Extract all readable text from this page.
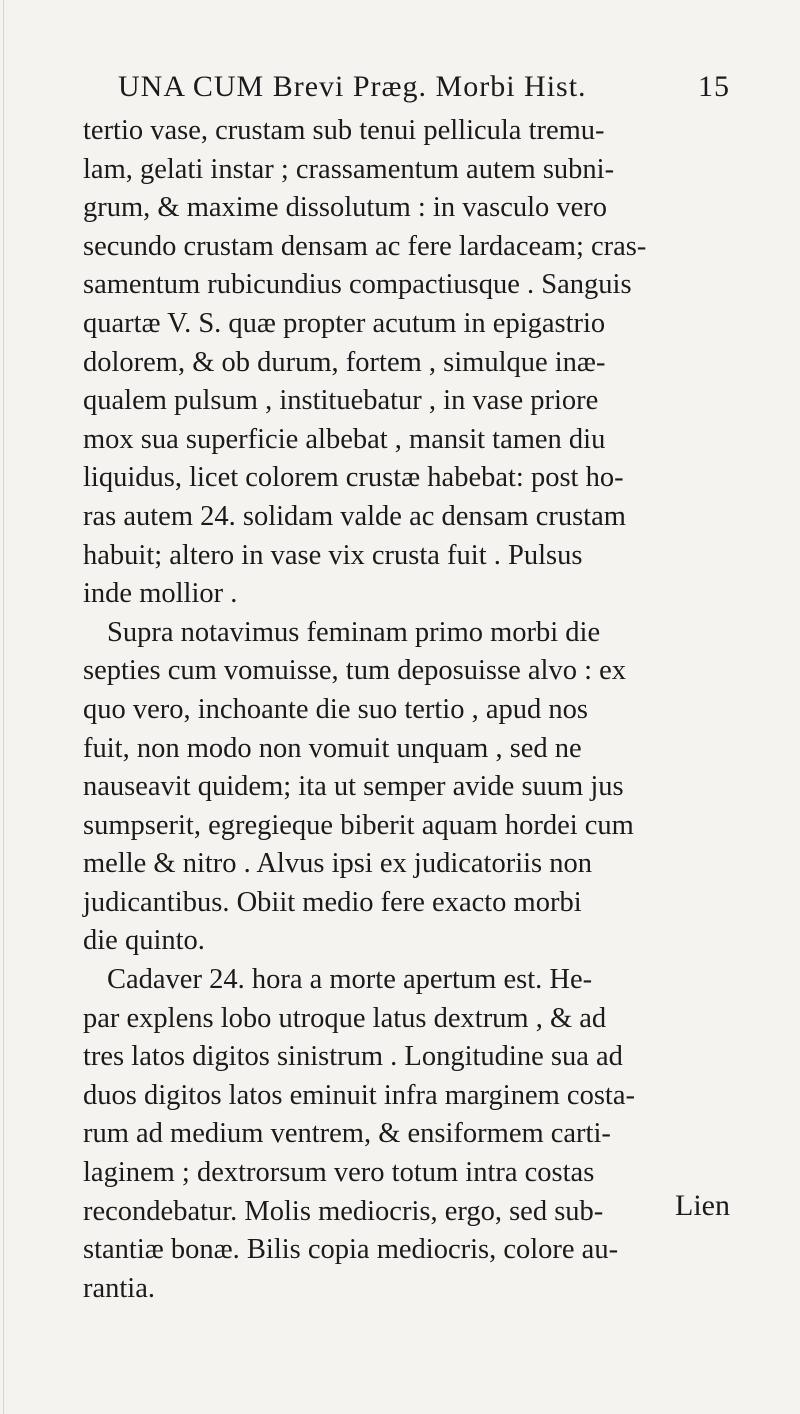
UNA CUM Brevi Præg. Morbi Hist.	15
tertio vase, crustam sub tenui pellicula tremu-
lam, gelati instar ; crassamentum autem subni-
grum, & maxime dissolutum : in vasculo vero
secundo crustam densam ac fere lardaceam; cras-
samentum rubicundius compactiusque . Sanguis
quartæ V. S. quæ propter acutum in epigastrio
dolorem, & ob durum, fortem , simulque inæ-
qualem pulsum , instituebatur , in vase priore
mox sua superficie albebat , mansit tamen diu
liquidus, licet colorem crustæ habebat: post ho-
ras autem 24. solidam valde ac densam crustam
habuit; altero in vase vix crusta fuit . Pulsus
inde mollior .
Supra notavimus feminam primo morbi die
septies cum vomuisse, tum deposuisse alvo : ex
quo vero, inchoante die suo tertio , apud nos
fuit, non modo non vomuit unquam , sed ne
nauseavit quidem; ita ut semper avide suum jus
sumpserit, egregieque biberit aquam hordei cum
melle & nitro . Alvus ipsi ex judicatoriis non
judicantibus. Obiit medio fere exacto morbi
die quinto.
Cadaver 24. hora a morte apertum est. He-
par explens lobo utroque latus dextrum , & ad
tres latos digitos sinistrum . Longitudine sua ad
duos digitos latos eminuit infra marginem costa-
rum ad medium ventrem, & ensiformem carti-
laginem ; dextrorsum vero totum intra costas
recondebatur. Molis mediocris, ergo, sed sub-
stantiæ bonæ. Bilis copia mediocris, colore au-
rantia.
Lien
